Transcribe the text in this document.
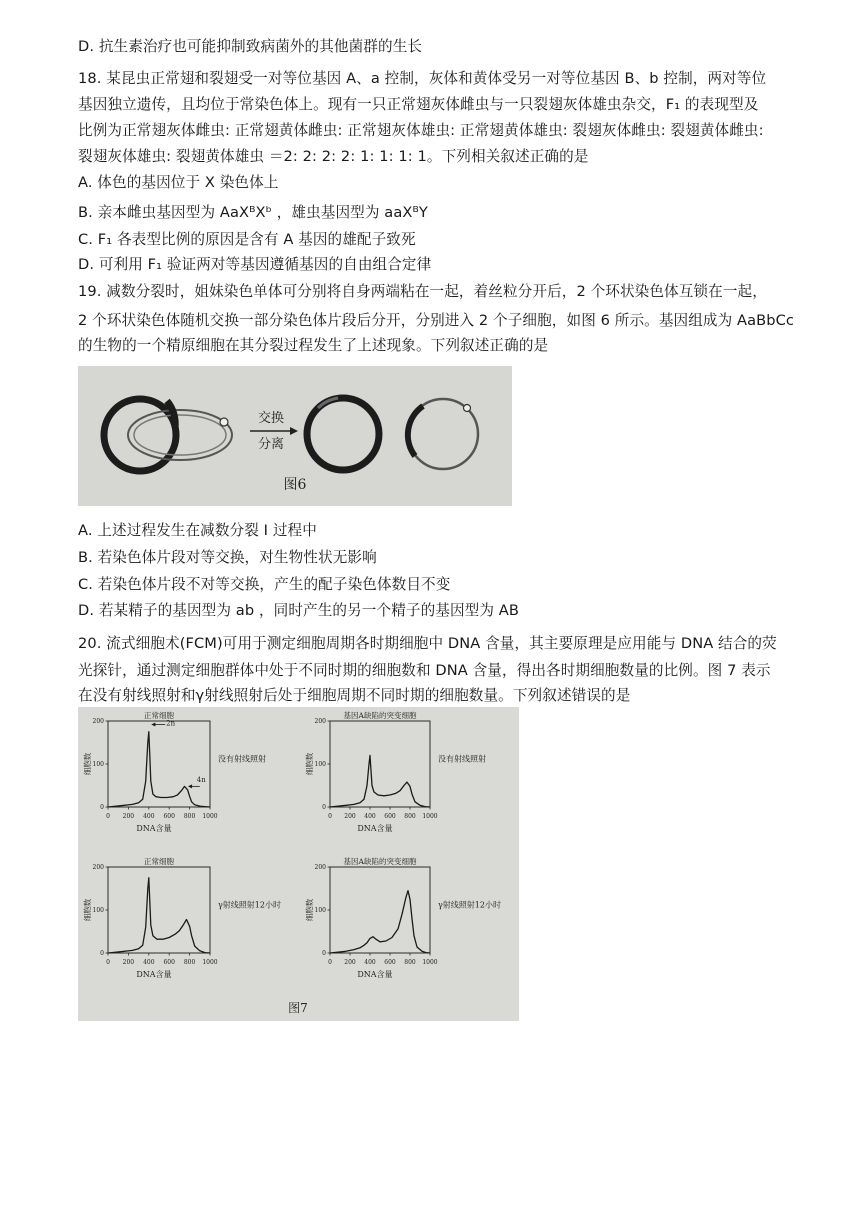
D. 抗生素治疗也可能抑制致病菌外的其他菌群的生长
18. 某昆虫正常翅和裂翅受一对等位基因 A、a 控制，灰体和黄体受另一对等位基因 B、b 控制，两对等位
基因独立遗传，且均位于常染色体上。现有一只正常翅灰体雌虫与一只裂翅灰体雄虫杂交，F₁ 的表现型及
比例为正常翅灰体雌虫: 正常翅黄体雌虫: 正常翅灰体雄虫: 正常翅黄体雄虫: 裂翅灰体雌虫: 裂翅黄体雌虫:
裂翅灰体雄虫: 裂翅黄体雄虫 ＝2: 2: 2: 2: 1: 1: 1: 1。下列相关叙述正确的是
A. 体色的基因位于 X 染色体上
B. 亲本雌虫基因型为 AaXᴮXᵇ ，雄虫基因型为 aaXᴮY
C. F₁ 各表型比例的原因是含有 A 基因的雄配子致死
D. 可利用 F₁ 验证两对等基因遵循基因的自由组合定律
19. 减数分裂时，姐妹染色单体可分别将自身两端粘在一起，着丝粒分开后，2 个环状染色体互锁在一起，
2 个环状染色体随机交换一部分染色体片段后分开，分别进入 2 个子细胞，如图 6 所示。基因组成为 AaBbCc
的生物的一个精原细胞在其分裂过程发生了上述现象。下列叙述正确的是
交换
分离
图6
A. 上述过程发生在减数分裂 I 过程中
B. 若染色体片段对等交换，对生物性状无影响
C. 若染色体片段不对等交换，产生的配子染色体数目不变
D. 若某精子的基因型为 ab ，同时产生的另一个精子的基因型为 AB
20. 流式细胞术(FCM)可用于测定细胞周期各时期细胞中 DNA 含量，其主要原理是应用能与 DNA 结合的荧
光探针，通过测定细胞群体中处于不同时期的细胞数和 DNA 含量，得出各时期细胞数量的比例。图 7 表示
在没有射线照射和γ射线照射后处于细胞周期不同时期的细胞数量。下列叙述错误的是
图7
正常细胞
没有射线照射
细胞数
DNA含量
0 200 400 600 800 1000
0
100
200	2n
4n
基因A缺陷的突变细胞
没有射线照射
细胞数
DNA含量
0 200 400 600 800 1000
0
100
200
正常细胞
γ射线照射12小时
细胞数
DNA含量
0 200 400 600 800 1000
0
100
200
基因A缺陷的突变细胞
γ射线照射12小时
细胞数
DNA含量
0 200 400 600 800 1000
0
100
200
